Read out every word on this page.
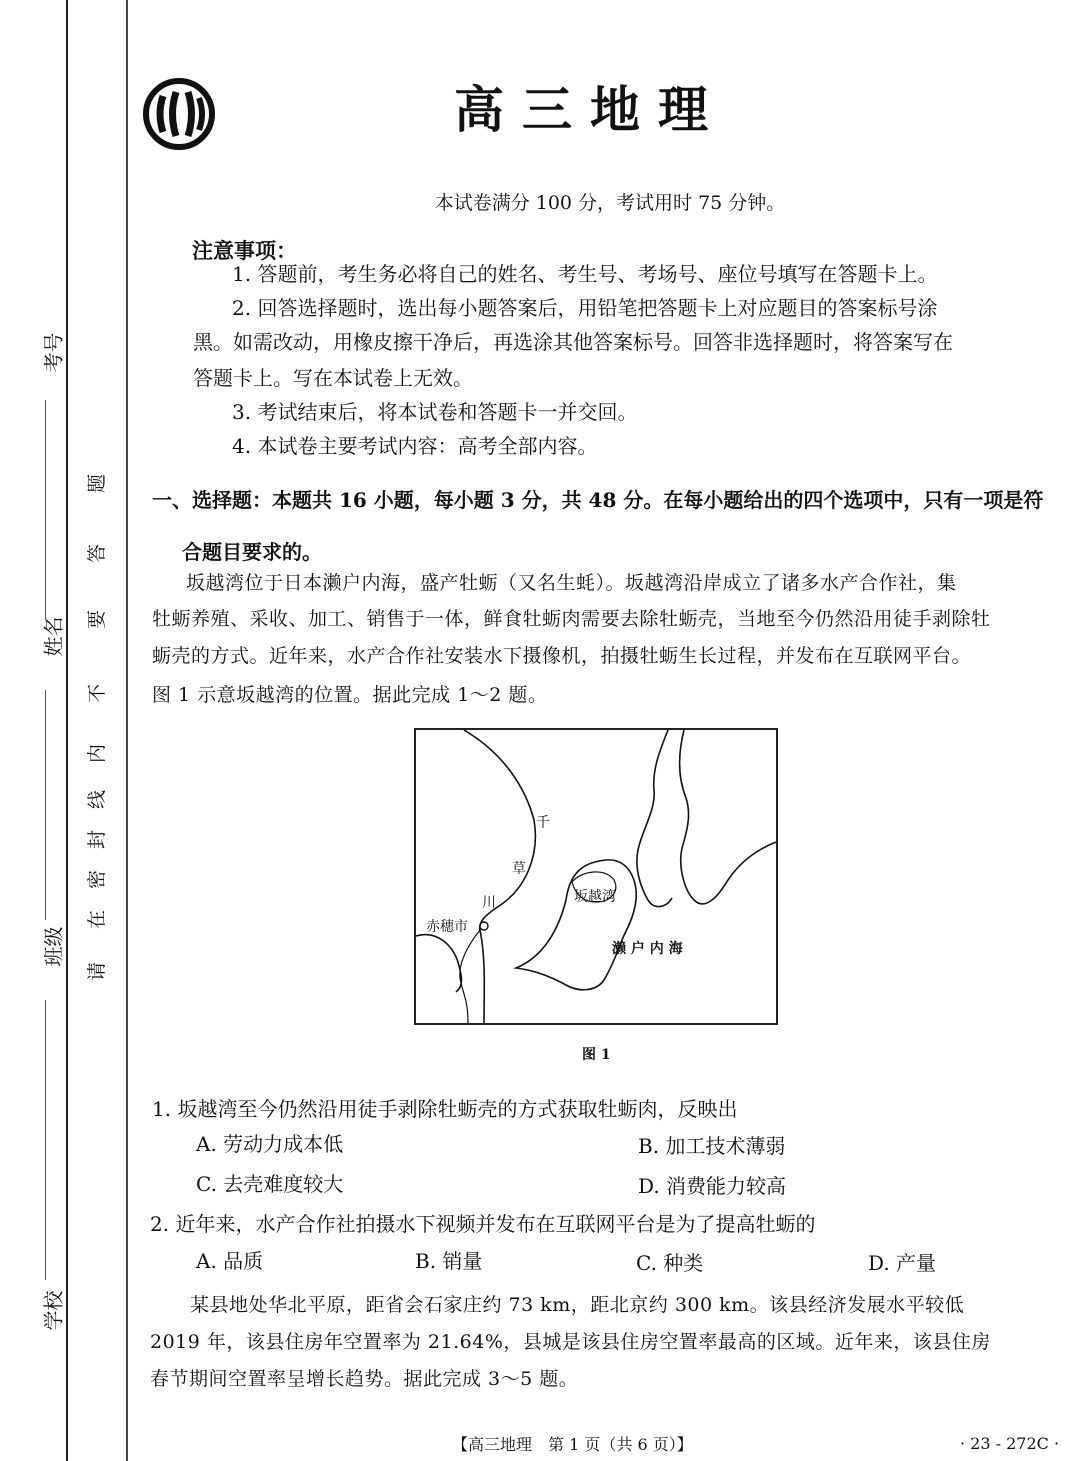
考号
姓名
班级
学校
请
在
密
封
线
内
不
要
答
题
高三地理
本试卷满分 100 分，考试用时 75 分钟。
注意事项：
1. 答题前，考生务必将自己的姓名、考生号、考场号、座位号填写在答题卡上。
2. 回答选择题时，选出每小题答案后，用铅笔把答题卡上对应题目的答案标号涂
黑。如需改动，用橡皮擦干净后，再选涂其他答案标号。回答非选择题时，将答案写在
答题卡上。写在本试卷上无效。
3. 考试结束后，将本试卷和答题卡一并交回。
4. 本试卷主要考试内容：高考全部内容。
一、选择题：本题共 16 小题，每小题 3 分，共 48 分。在每小题给出的四个选项中，只有一项是符
合题目要求的。
坂越湾位于日本濑户内海，盛产牡蛎（又名生蚝）。坂越湾沿岸成立了诸多水产合作社，集
牡蛎养殖、采收、加工、销售于一体，鲜食牡蛎肉需要去除牡蛎壳，当地至今仍然沿用徒手剥除牡
蛎壳的方式。近年来，水产合作社安装水下摄像机，拍摄牡蛎生长过程，并发布在互联网平台。
图 1 示意坂越湾的位置。据此完成 1～2 题。
千
草
川
赤穗市
坂越湾
濑 户 内 海
图 1
1. 坂越湾至今仍然沿用徒手剥除牡蛎壳的方式获取牡蛎肉，反映出
A. 劳动力成本低	B. 加工技术薄弱
C. 去壳难度较大	D. 消费能力较高
2. 近年来，水产合作社拍摄水下视频并发布在互联网平台是为了提高牡蛎的
A. 品质	B. 销量	C. 种类	D. 产量
某县地处华北平原，距省会石家庄约 73 km，距北京约 300 km。该县经济发展水平较低
2019 年，该县住房年空置率为 21.64%，县城是该县住房空置率最高的区域。近年来，该县住房
春节期间空置率呈增长趋势。据此完成 3～5 题。
【高三地理　第 1 页（共 6 页）】	· 23 - 272C ·
